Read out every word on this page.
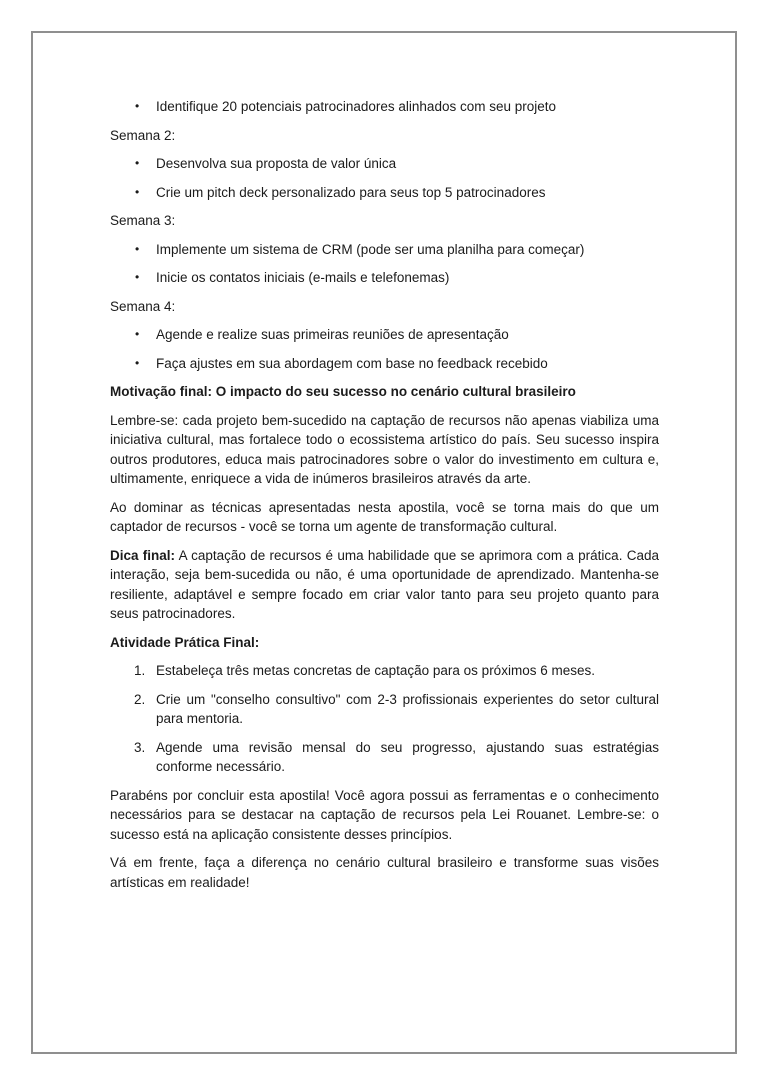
• Identifique 20 potenciais patrocinadores alinhados com seu projeto
Semana 2:
• Desenvolva sua proposta de valor única
• Crie um pitch deck personalizado para seus top 5 patrocinadores
Semana 3:
• Implemente um sistema de CRM (pode ser uma planilha para começar)
• Inicie os contatos iniciais (e-mails e telefonemas)
Semana 4:
• Agende e realize suas primeiras reuniões de apresentação
• Faça ajustes em sua abordagem com base no feedback recebido
Motivação final: O impacto do seu sucesso no cenário cultural brasileiro

Lembre-se: cada projeto bem-sucedido na captação de recursos não apenas viabiliza uma iniciativa cultural, mas fortalece todo o ecossistema artístico do país. Seu sucesso inspira outros produtores, educa mais patrocinadores sobre o valor do investimento em cultura e, ultimamente, enriquece a vida de inúmeros brasileiros através da arte.

Ao dominar as técnicas apresentadas nesta apostila, você se torna mais do que um captador de recursos - você se torna um agente de transformação cultural.

Dica final: A captação de recursos é uma habilidade que se aprimora com a prática. Cada interação, seja bem-sucedida ou não, é uma oportunidade de aprendizado. Mantenha-se resiliente, adaptável e sempre focado em criar valor tanto para seu projeto quanto para seus patrocinadores.

Atividade Prática Final:
1. Estabeleça três metas concretas de captação para os próximos 6 meses.
2. Crie um "conselho consultivo" com 2-3 profissionais experientes do setor cultural para mentoria.
3. Agende uma revisão mensal do seu progresso, ajustando suas estratégias conforme necessário.

Parabéns por concluir esta apostila! Você agora possui as ferramentas e o conhecimento necessários para se destacar na captação de recursos pela Lei Rouanet. Lembre-se: o sucesso está na aplicação consistente desses princípios.

Vá em frente, faça a diferença no cenário cultural brasileiro e transforme suas visões artísticas em realidade!
